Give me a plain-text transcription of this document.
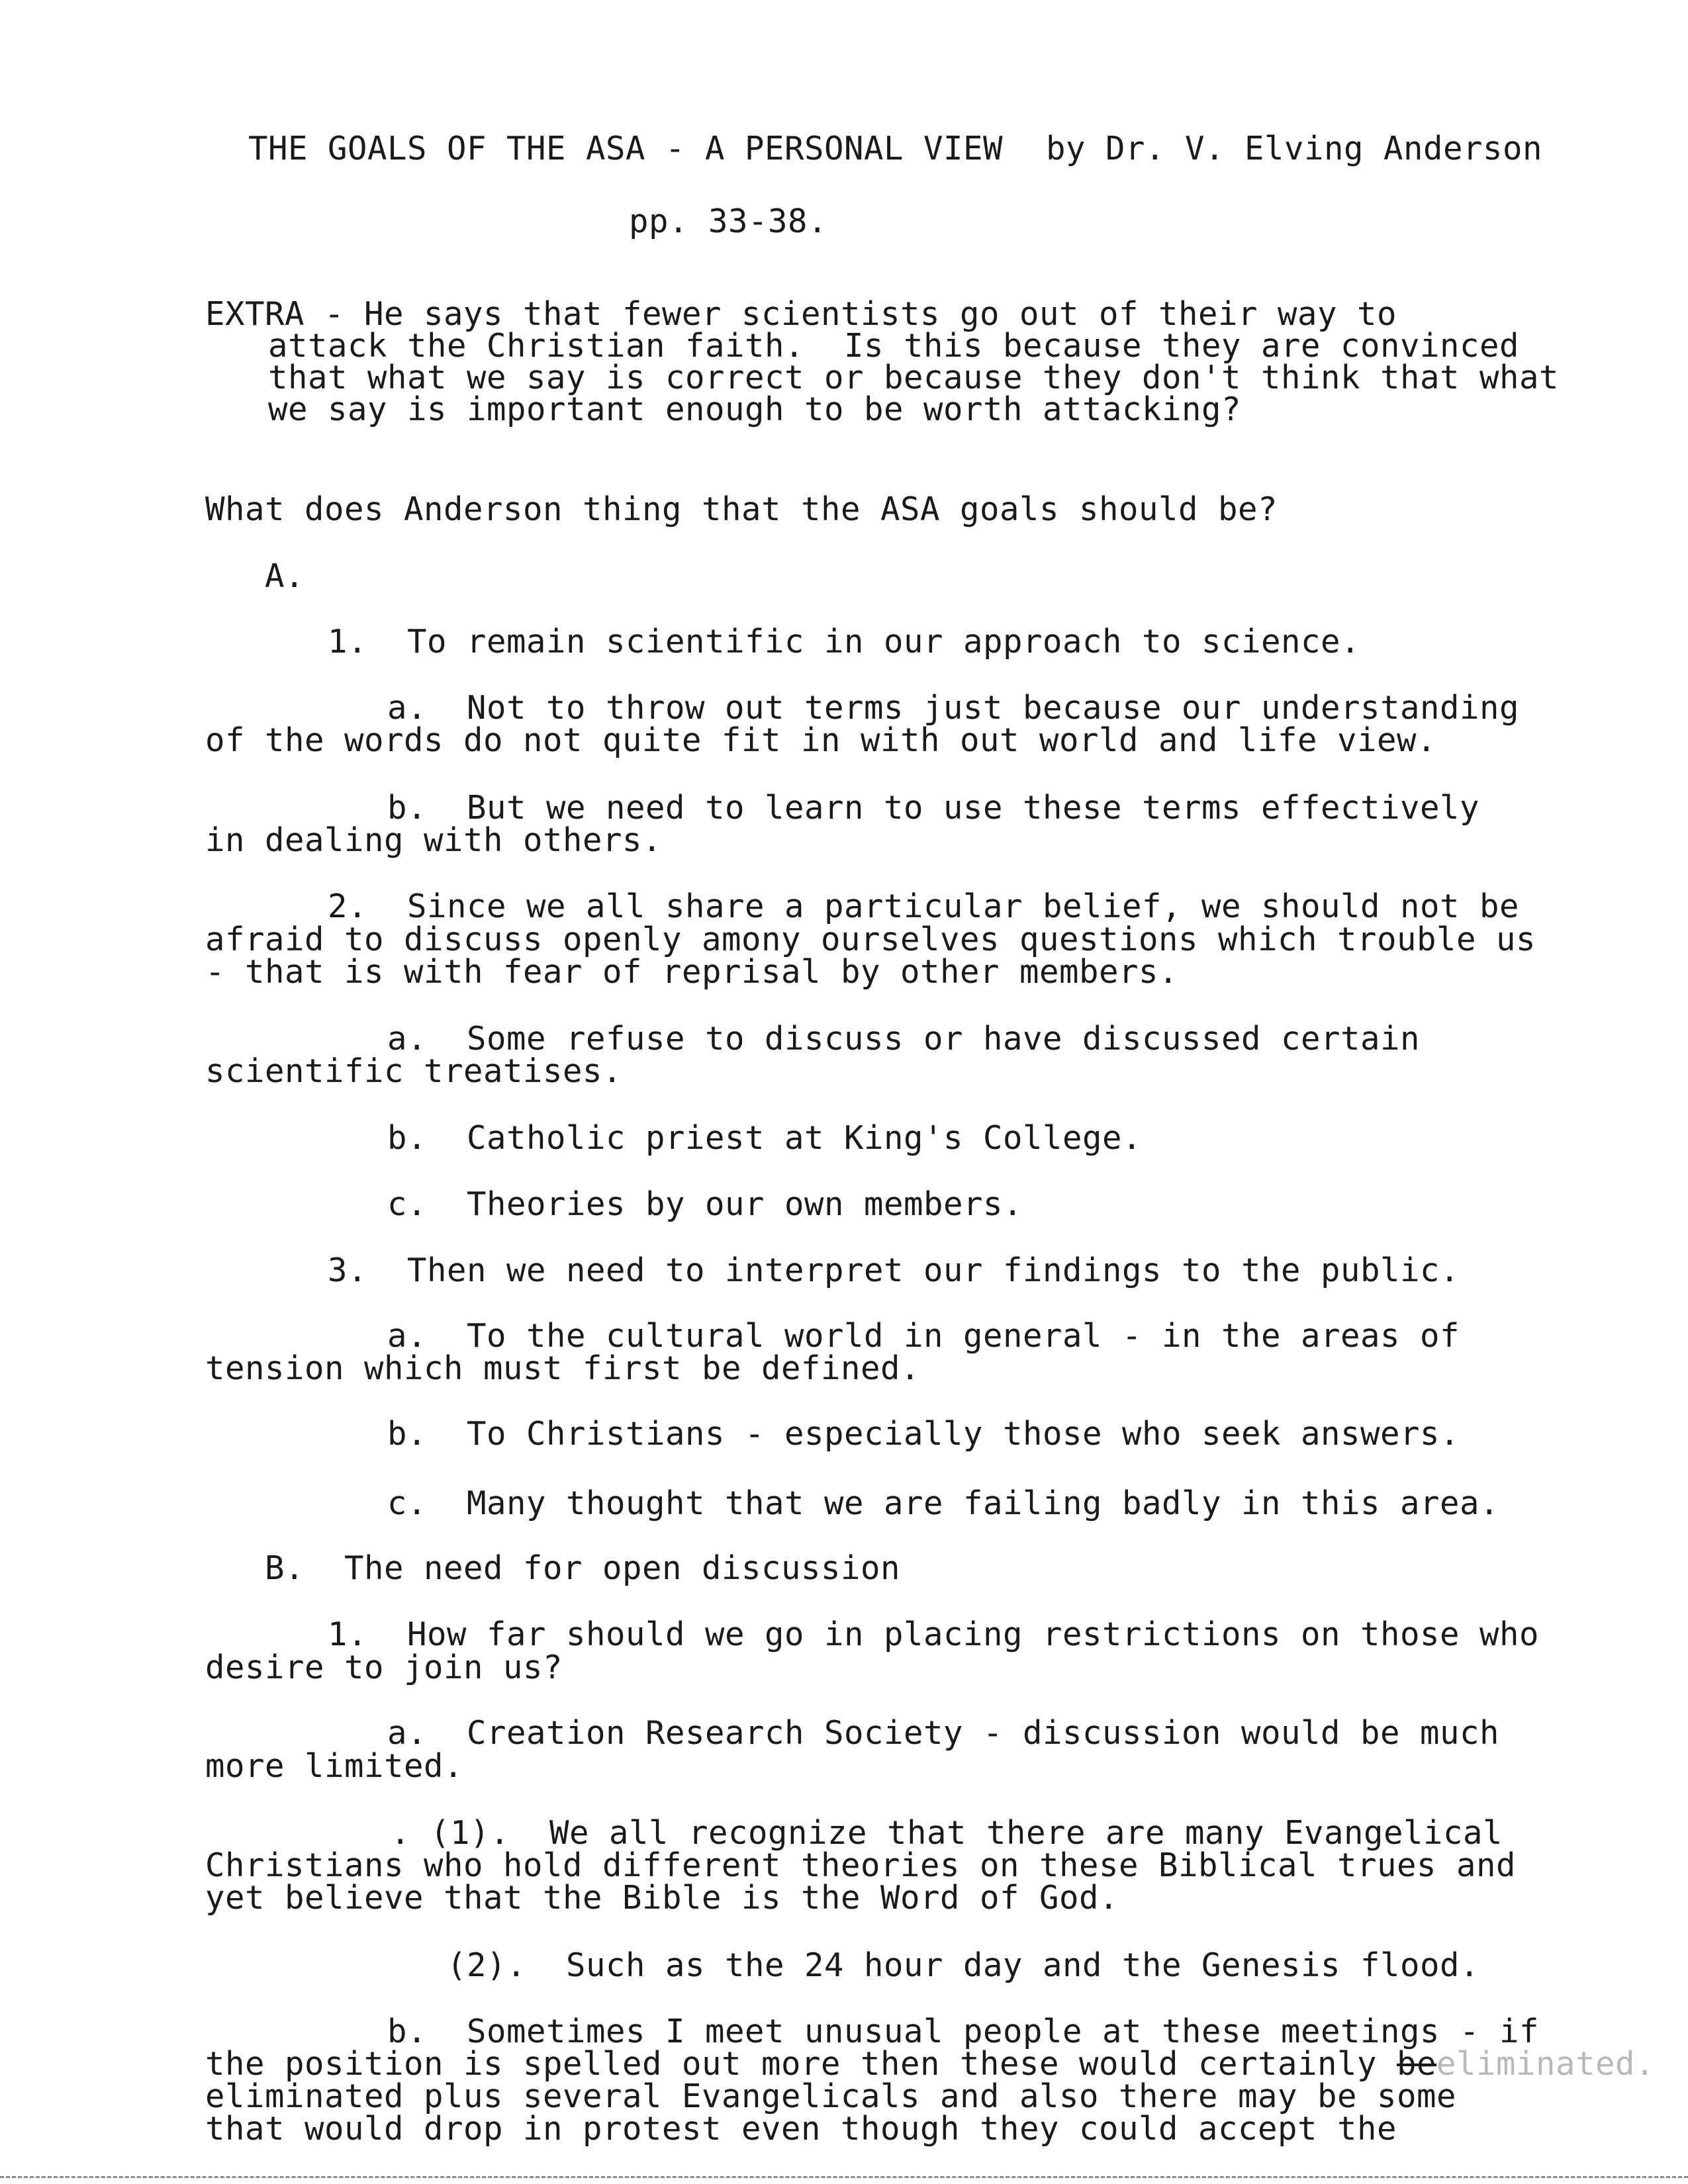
THE GOALS OF THE ASA - A PERSONAL VIEW by Dr. V. Elving Anderson
pp. 33-38.
EXTRA - He says that fewer scientists go out of their way to
attack the Christian faith.  Is this because they are convinced
that what we say is correct or because they don't think that what
we say is important enough to be worth attacking?
What does Anderson thing that the ASA goals should be?
A.
1.  To remain scientific in our approach to science.
a.  Not to throw out terms just because our understanding
of the words do not quite fit in with out world and life view.
b.  But we need to learn to use these terms effectively
in dealing with others.
2.  Since we all share a particular belief, we should not be
afraid to discuss openly amony ourselves questions which trouble us
- that is with fear of reprisal by other members.
a.  Some refuse to discuss or have discussed certain
scientific treatises.
b.  Catholic priest at King's College.
c.  Theories by our own members.
3.  Then we need to interpret our findings to the public.
a.  To the cultural world in general - in the areas of
tension which must first be defined.
b.  To Christians - especially those who seek answers.
c.  Many thought that we are failing badly in this area.
B.  The need for open discussion
1.  How far should we go in placing restrictions on those who
desire to join us?
a.  Creation Research Society - discussion would be much
more limited.
. (1).  We all recognize that there are many Evangelical
Christians who hold different theories on these Biblical trues and
yet believe that the Bible is the Word of God.
(2).  Such as the 24 hour day and the Genesis flood.
b.  Sometimes I meet unusual people at these meetings - if
the position is spelled out more then these would certainly beeliminated.
eliminated plus several Evangelicals and also there may be some
that would drop in protest even though they could accept the
